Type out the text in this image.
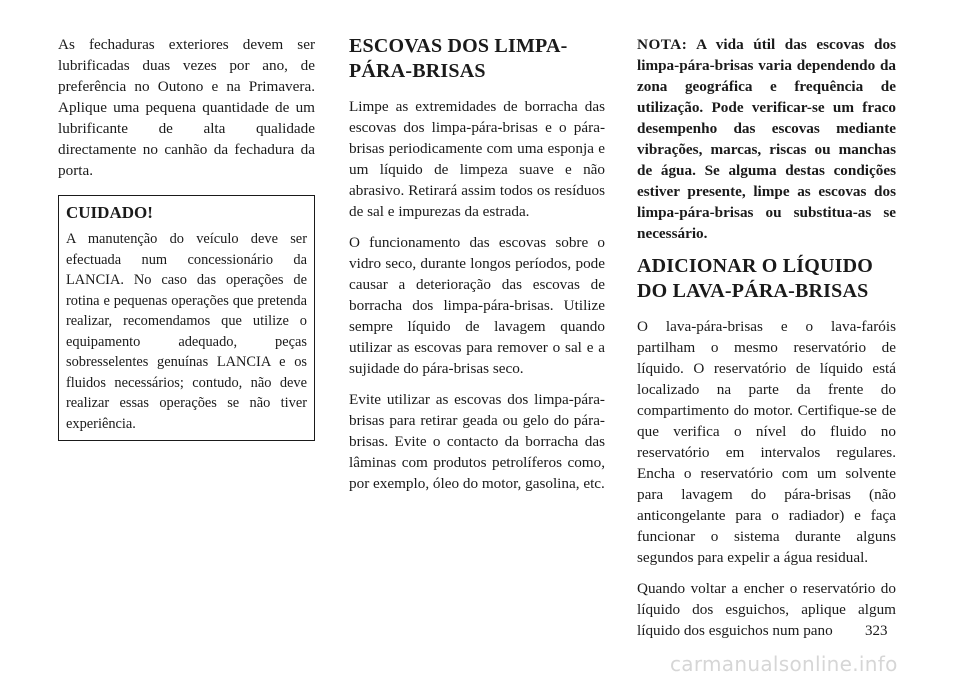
As fechaduras exteriores devem ser lubrificadas duas vezes por ano, de preferência no Outono e na Primavera. Aplique uma pequena quantidade de um lubrificante de alta qualidade directamente no canhão da fechadura da porta.

CUIDADO!

A manutenção do veículo deve ser efectuada num concessionário da LANCIA. No caso das operações de rotina e pequenas operações que pretenda realizar, recomendamos que utilize o equipamento adequado, peças sobresselentes genuínas LANCIA e os fluidos necessários; contudo, não deve realizar essas operações se não tiver experiência.

ESCOVAS DOS LIMPA-PÁRA-BRISAS

Limpe as extremidades de borracha das escovas dos limpa-pára-brisas e o pára-brisas periodicamente com uma esponja e um líquido de limpeza suave e não abrasivo. Retirará assim todos os resíduos de sal e impurezas da estrada.

O funcionamento das escovas sobre o vidro seco, durante longos períodos, pode causar a deterioração das escovas de borracha dos limpa-pára-brisas. Utilize sempre líquido de lavagem quando utilizar as escovas para remover o sal e a sujidade do pára-brisas seco.

Evite utilizar as escovas dos limpa-pára-brisas para retirar geada ou gelo do pára-brisas. Evite o contacto da borracha das lâminas com produtos petrolíferos como, por exemplo, óleo do motor, gasolina, etc.

NOTA: A vida útil das escovas dos limpa-pára-brisas varia dependendo da zona geográfica e frequência de utilização. Pode verificar-se um fraco desempenho das escovas mediante vibrações, marcas, riscas ou manchas de água. Se alguma destas condições estiver presente, limpe as escovas dos limpa-pára-brisas ou substitua-as se necessário.

ADICIONAR O LÍQUIDO DO LAVA-PÁRA-BRISAS

O lava-pára-brisas e o lava-faróis partilham o mesmo reservatório de líquido. O reservatório de líquido está localizado na parte da frente do compartimento do motor. Certifique-se de que verifica o nível do fluido no reservatório em intervalos regulares. Encha o reservatório com um solvente para lavagem do pára-brisas (não anticongelante para o radiador) e faça funcionar o sistema durante alguns segundos para expelir a água residual.

Quando voltar a encher o reservatório do líquido dos esguichos, aplique algum líquido dos esguichos num pano	323
carmanualsonline.info
